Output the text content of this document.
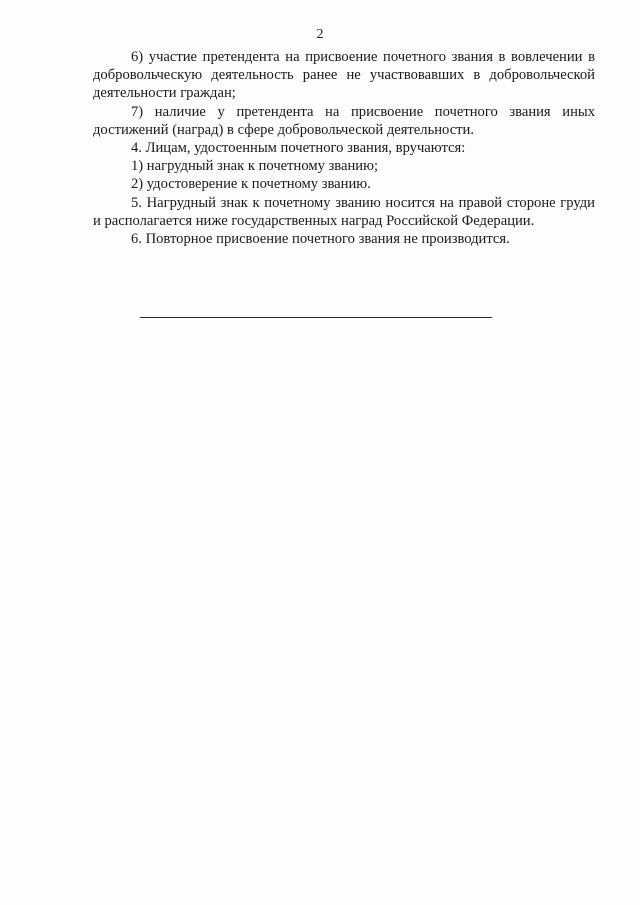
2

6) участие претендента на присвоение почетного звания в вовлечении в добровольческую деятельность ранее не участвовавших в добровольческой деятельности граждан;

7) наличие у претендента на присвоение почетного звания иных достижений (наград) в сфере добровольческой деятельности.

4. Лицам, удостоенным почетного звания, вручаются:

1) нагрудный знак к почетному званию;

2) удостоверение к почетному званию.

5. Нагрудный знак к почетному званию носится на правой стороне груди и располагается ниже государственных наград Российской Федерации.

6. Повторное присвоение почетного звания не производится.
